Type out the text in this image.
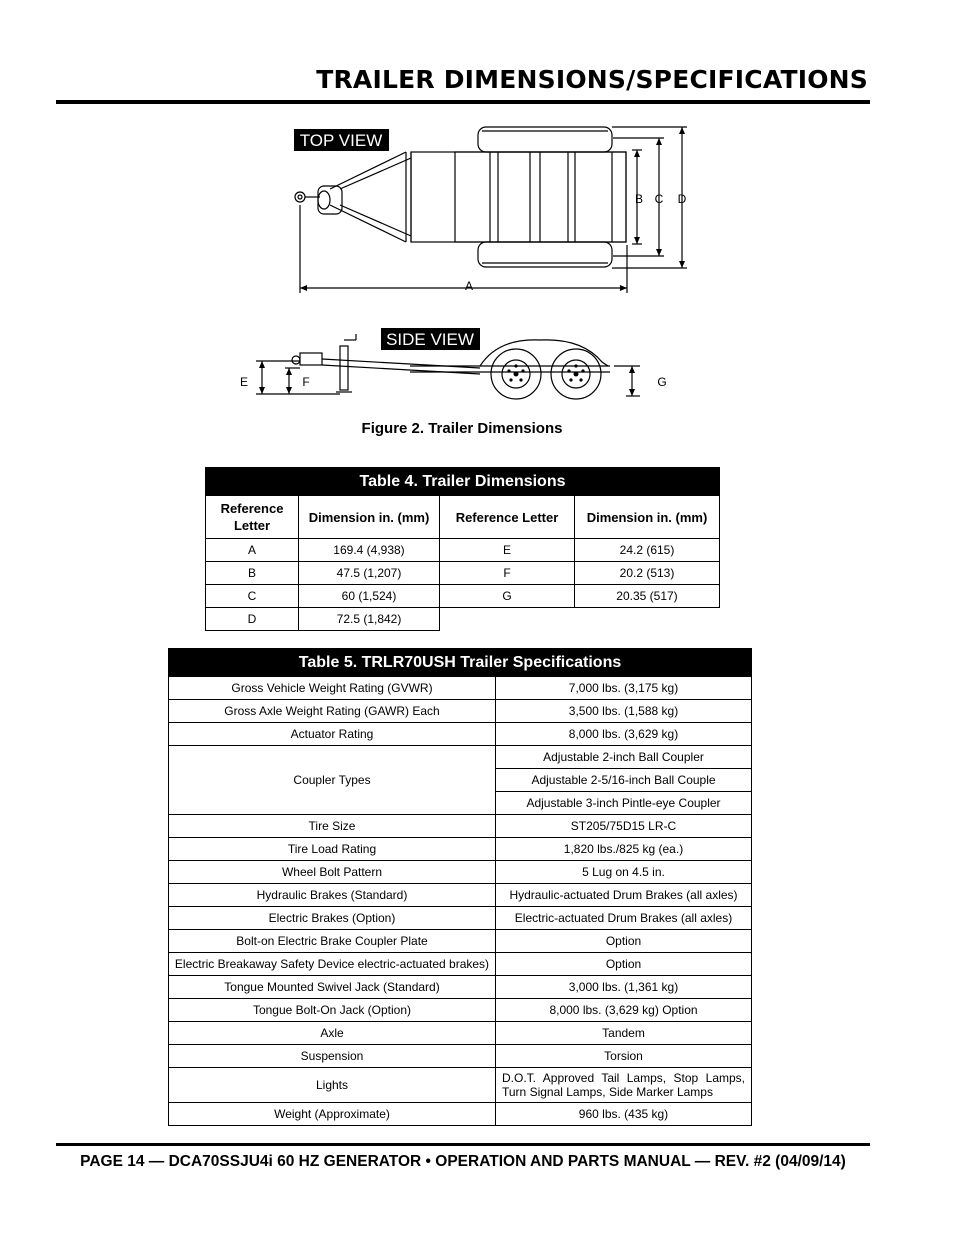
TRAILER DIMENSIONS/SPECIFICATIONS
TOP VIEW
B C D
A
SIDE VIEW
E	F	G
Figure 2. Trailer Dimensions
Table 4. Trailer Dimensions			
Reference Letter	Dimension in. (mm)	Reference Letter	Dimension in. (mm)
A	169.4 (4,938)	E	24.2 (615)
B	47.5 (1,207)	F	20.2 (513)
C	60 (1,524)	G	20.35 (517)
D	72.5 (1,842)		
Table 5. TRLR70USH Trailer Specifications	
Gross Vehicle Weight Rating (GVWR)	7,000 lbs. (3,175 kg)
Gross Axle Weight Rating (GAWR) Each	3,500 lbs. (1,588 kg)
Actuator Rating	8,000 lbs. (3,629 kg)
Coupler Types	Adjustable 2-inch Ball Coupler
	Adjustable 2-5/16-inch Ball Couple
	Adjustable 3-inch Pintle-eye Coupler
Tire Size	ST205/75D15 LR-C
Tire Load Rating	1,820 lbs./825 kg (ea.)
Wheel Bolt Pattern	5 Lug on 4.5 in.
Hydraulic Brakes (Standard)	Hydraulic-actuated Drum Brakes (all axles)
Electric Brakes (Option)	Electric-actuated Drum Brakes (all axles)
Bolt-on Electric Brake Coupler Plate	Option
Electric Breakaway Safety Device electric-actuated brakes)	Option
Tongue Mounted Swivel Jack (Standard)	3,000 lbs. (1,361 kg)
Tongue Bolt-On Jack (Option)	8,000 lbs. (3,629 kg) Option
Axle	Tandem
Suspension	Torsion
Lights	D.O.T. Approved Tail Lamps, Stop Lamps, Turn Signal Lamps, Side Marker Lamps
Weight (Approximate)	960 lbs. (435 kg)
PAGE 14 — DCA70SSJU4i 60 HZ GENERATOR • OPERATION AND PARTS MANUAL — REV. #2 (04/09/14)
